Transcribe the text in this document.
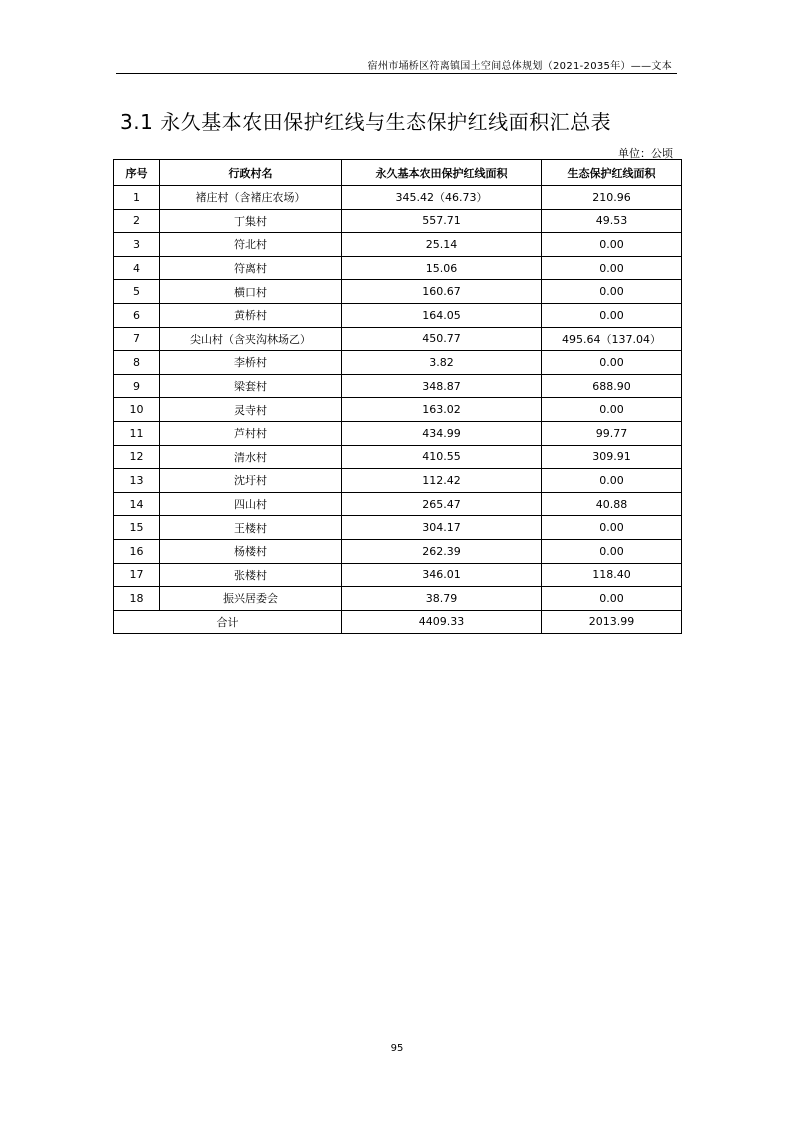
宿州市埇桥区符离镇国土空间总体规划（2021-2035年）——文本
3.1 永久基本农田保护红线与生态保护红线面积汇总表
单位：公顷
序号	行政村名	永久基本农田保护红线面积	生态保护红线面积
1	褚庄村（含褚庄农场）	345.42（46.73）	210.96
2	丁集村	557.71	49.53
3	符北村	25.14	0.00
4	符离村	15.06	0.00
5	横口村	160.67	0.00
6	黄桥村	164.05	0.00
7	尖山村（含夹沟林场乙）	450.77	495.64（137.04）
8	李桥村	3.82	0.00
9	梁套村	348.87	688.90
10	灵寺村	163.02	0.00
11	芦村村	434.99	99.77
12	清水村	410.55	309.91
13	沈圩村	112.42	0.00
14	四山村	265.47	40.88
15	王楼村	304.17	0.00
16	杨楼村	262.39	0.00
17	张楼村	346.01	118.40
18	振兴居委会	38.79	0.00
合计		4409.33	2013.99
95
